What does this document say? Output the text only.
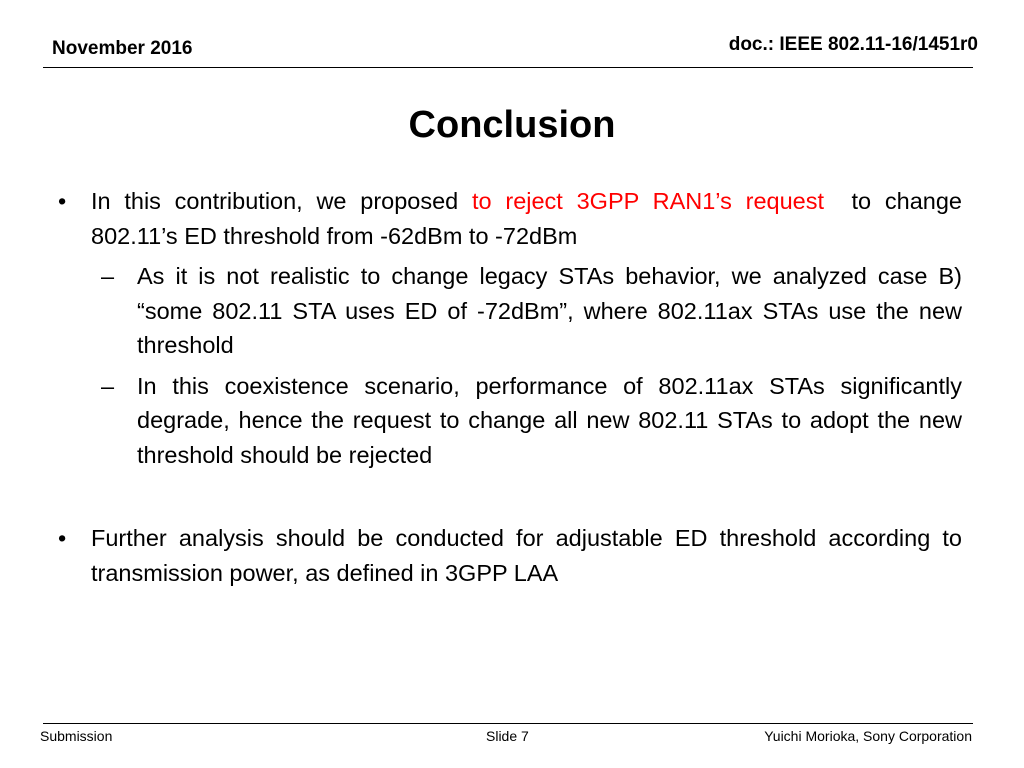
November 2016	doc.: IEEE 802.11-16/1451r0
Conclusion
• In this contribution, we proposed to reject 3GPP RAN1’s request  to change 802.11’s ED threshold from -62dBm to -72dBm
– As it is not realistic to change legacy STAs behavior, we analyzed case B) “some 802.11 STA uses ED of -72dBm”, where 802.11ax STAs use the new threshold
– In this coexistence scenario, performance of 802.11ax STAs significantly degrade, hence the request to change all new 802.11 STAs to adopt the new threshold should be rejected
• Further analysis should be conducted for adjustable ED threshold according to transmission power, as defined in 3GPP LAA
Submission	Slide 7	Yuichi Morioka, Sony Corporation
